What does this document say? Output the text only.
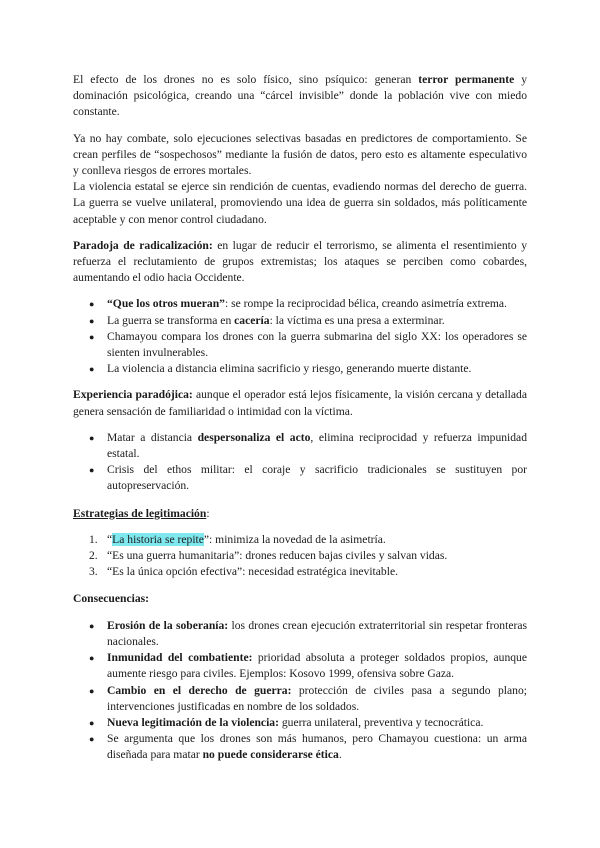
El efecto de los drones no es solo físico, sino psíquico: generan terror permanente y dominación psicológica, creando una “cárcel invisible” donde la población vive con miedo constante.

Ya no hay combate, solo ejecuciones selectivas basadas en predictores de comportamiento. Se crean perfiles de “sospechosos” mediante la fusión de datos, pero esto es altamente especulativo y conlleva riesgos de errores mortales.

La violencia estatal se ejerce sin rendición de cuentas, evadiendo normas del derecho de guerra. La guerra se vuelve unilateral, promoviendo una idea de guerra sin soldados, más políticamente aceptable y con menor control ciudadano.

Paradoja de radicalización: en lugar de reducir el terrorismo, se alimenta el resentimiento y refuerza el reclutamiento de grupos extremistas; los ataques se perciben como cobardes, aumentando el odio hacia Occidente.

● “Que los otros mueran”: se rompe la reciprocidad bélica, creando asimetría extrema.
● La guerra se transforma en cacería: la víctima es una presa a exterminar.
● Chamayou compara los drones con la guerra submarina del siglo XX: los operadores se sienten invulnerables.
● La violencia a distancia elimina sacrificio y riesgo, generando muerte distante.

Experiencia paradójica: aunque el operador está lejos físicamente, la visión cercana y detallada genera sensación de familiaridad o intimidad con la víctima.

● Matar a distancia despersonaliza el acto, elimina reciprocidad y refuerza impunidad estatal.
● Crisis del ethos militar: el coraje y sacrificio tradicionales se sustituyen por autopreservación.

Estrategias de legitimación:

1. “La historia se repite”: minimiza la novedad de la asimetría.
2. “Es una guerra humanitaria”: drones reducen bajas civiles y salvan vidas.
3. “Es la única opción efectiva”: necesidad estratégica inevitable.

Consecuencias:

● Erosión de la soberanía: los drones crean ejecución extraterritorial sin respetar fronteras nacionales.
● Inmunidad del combatiente: prioridad absoluta a proteger soldados propios, aunque aumente riesgo para civiles. Ejemplos: Kosovo 1999, ofensiva sobre Gaza.
● Cambio en el derecho de guerra: protección de civiles pasa a segundo plano; intervenciones justificadas en nombre de los soldados.
● Nueva legitimación de la violencia: guerra unilateral, preventiva y tecnocrática.
● Se argumenta que los drones son más humanos, pero Chamayou cuestiona: un arma diseñada para matar no puede considerarse ética.
